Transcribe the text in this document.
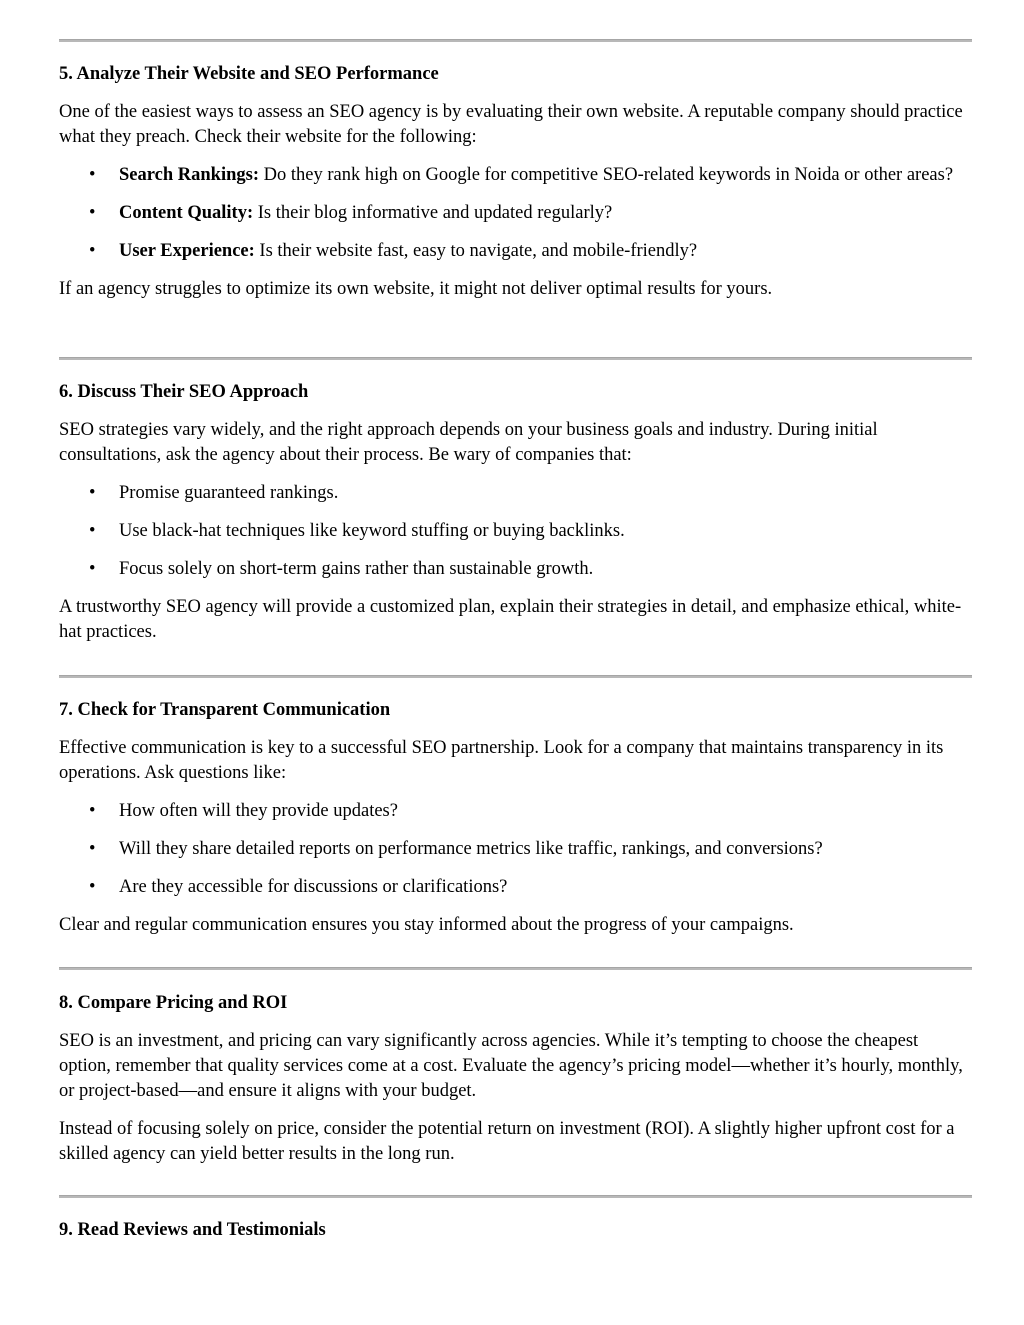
5. Analyze Their Website and SEO Performance

One of the easiest ways to assess an SEO agency is by evaluating their own website. A reputable company should practice what they preach. Check their website for the following:

• Search Rankings: Do they rank high on Google for competitive SEO-related keywords in Noida or other areas?
• Content Quality: Is their blog informative and updated regularly?
• User Experience: Is their website fast, easy to navigate, and mobile-friendly?

If an agency struggles to optimize its own website, it might not deliver optimal results for yours.

6. Discuss Their SEO Approach

SEO strategies vary widely, and the right approach depends on your business goals and industry. During initial consultations, ask the agency about their process. Be wary of companies that:

• Promise guaranteed rankings.
• Use black-hat techniques like keyword stuffing or buying backlinks.
• Focus solely on short-term gains rather than sustainable growth.

A trustworthy SEO agency will provide a customized plan, explain their strategies in detail, and emphasize ethical, white-hat practices.

7. Check for Transparent Communication

Effective communication is key to a successful SEO partnership. Look for a company that maintains transparency in its operations. Ask questions like:

• How often will they provide updates?
• Will they share detailed reports on performance metrics like traffic, rankings, and conversions?
• Are they accessible for discussions or clarifications?

Clear and regular communication ensures you stay informed about the progress of your campaigns.

8. Compare Pricing and ROI

SEO is an investment, and pricing can vary significantly across agencies. While it’s tempting to choose the cheapest option, remember that quality services come at a cost. Evaluate the agency’s pricing model—whether it’s hourly, monthly, or project-based—and ensure it aligns with your budget.

Instead of focusing solely on price, consider the potential return on investment (ROI). A slightly higher upfront cost for a skilled agency can yield better results in the long run.

9. Read Reviews and Testimonials
